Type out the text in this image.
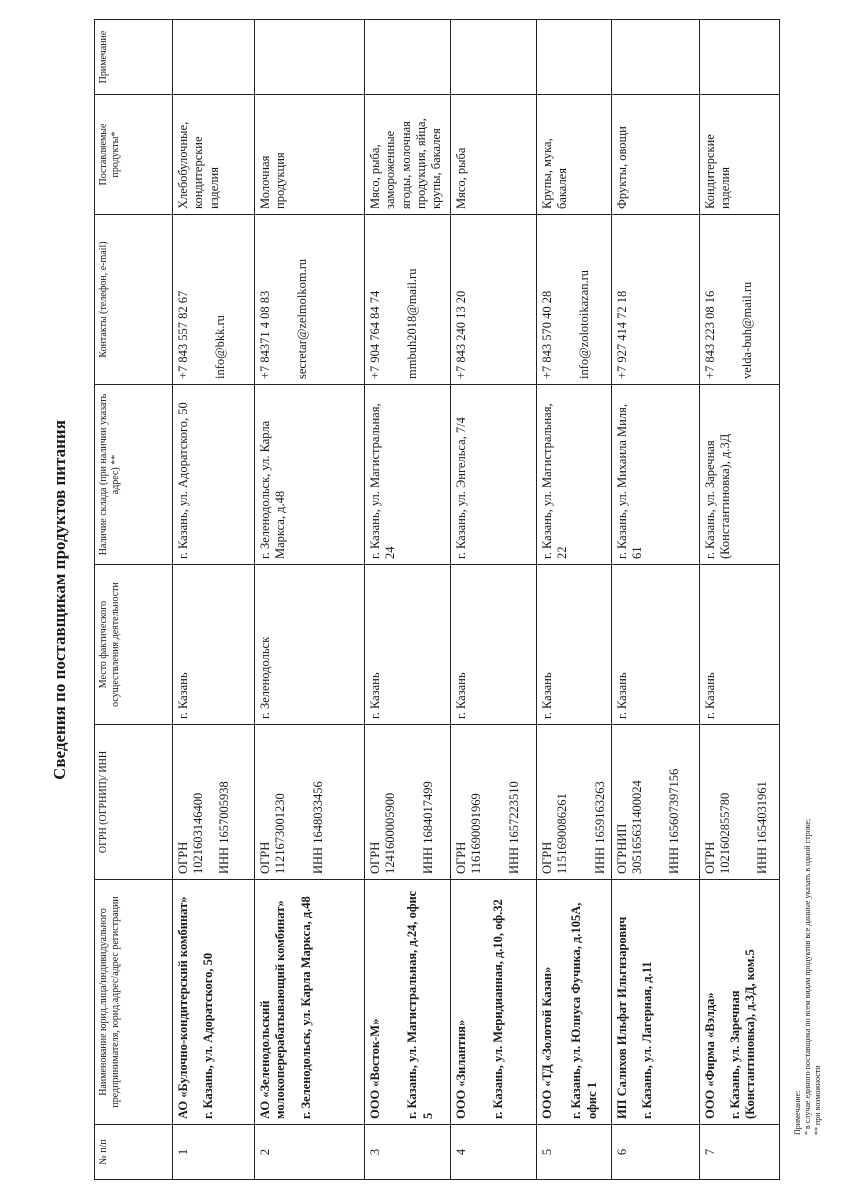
Сведения по поставщикам продуктов питания
№ п/п	Наименование юрид.лица/индивидуального предпринимателя, юрид.адрес/адрес регистрации	ОГРН (ОГРНИП)/ ИНН	Место фактического осуществления деятельности	Наличие склада (при наличии указать адрес) **	Контакты (телефон, e-mail)	Поставляемые продукты*	Примечание
1	АО «Булочно-кондитерский комбинат» г. Казань, ул. Адоратского, 50	ОГРН 1021603146400 ИНН 1657005938	г. Казань	г. Казань, ул. Адоратского, 50	+7 843 557 82 67 info@bkk.ru	Хлебобулочные, кондитерские изделия	
2	АО «Зеленодольский молокоперерабатывающий комбинат» г. Зеленодольск, ул. Карла Маркса, д.48	ОГРН 1121673001230 ИНН 1648033456	г. Зеленодольск	г. Зеленодольск, ул. Карла Маркса, д.48	+7 84371 4 08 83 secretar@zelmolkom.ru	Молочная продукция	
3	ООО «Восток-М» г. Казань, ул. Магистральная, д.24, офис 5	ОГРН 1241600005900 ИНН 1684017499	г. Казань	г. Казань, ул. Магистральная, 24	+7 904 764 84 74 mmbuh2018@mail.ru	Мясо, рыба, замороженные ягоды, молочная продукция, яйца, крупы, бакалея	
4	ООО «Зилантия» г. Казань, ул. Меридианная, д.10, оф.32	ОГРН 1161690091969 ИНН 1657223510	г. Казань	г. Казань, ул. Энгельса, 7/4	+7 843 240 13 20	Мясо, рыба	
5	ООО «ТД «Золотой Казан» г. Казань, ул. Юлиуса Фучика, д.105А, офис 1	ОГРН 1151690086261 ИНН 1659163263	г. Казань	г. Казань, ул. Магистральная, 22	+7 843 570 40 28 info@zolotoikazan.ru	Крупы, мука, бакалея	
6	ИП Салихов Ильфат Ильгизарович г. Казань, ул. Лагерная, д.11	ОГРНИП 305165631400024 ИНН 165607397156	г. Казань	г. Казань, ул. Михаила Миля, 61	+7 927 414 72 18	Фрукты, овощи	
7	ООО «Фирма «Вэлда» г. Казань, ул. Заречная (Константиновка), д.3Д, ком.5	ОГРН 1021602855780 ИНН 1654031961	г. Казань	г. Казань, ул. Заречная (Константиновка), д.3Д	+7 843 223 08 16 velda-buh@mail.ru	Кондитерские изделия	
Примечание: * в случае единого поставщика по всем видам продуктов все данные указать в одной строке; ** при возможности
